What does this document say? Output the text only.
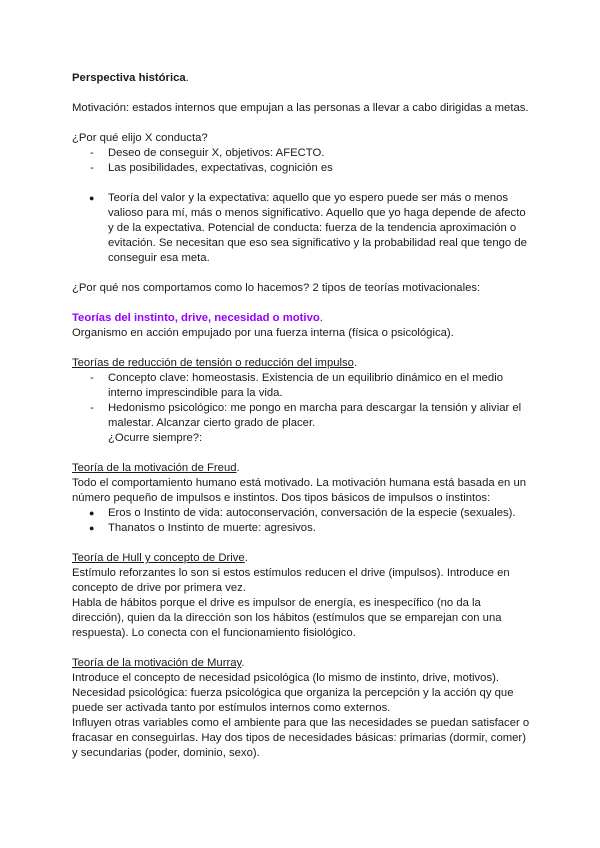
Perspectiva histórica.

Motivación: estados internos que empujan a las personas a llevar a cabo dirigidas a metas.

¿Por qué elijo X conducta?

- Deseo de conseguir X, objetivos: AFECTO.
- Las posibilidades, expectativas, cognición es
● Teoría del valor y la expectativa: aquello que yo espero puede ser más o menos valioso para mí, más o menos significativo. Aquello que yo haga depende de afecto y de la expectativa. Potencial de conducta: fuerza de la tendencia aproximación o evitación. Se necesitan que eso sea significativo y la probabilidad real que tengo de conseguir esa meta.

¿Por qué nos comportamos como lo hacemos? 2 tipos de teorías motivacionales:

Teorías del instinto, drive, necesidad o motivo.

Organismo en acción empujado por una fuerza interna (física o psicológica).

Teorías de reducción de tensión o reducción del impulso.

- Concepto clave: homeostasis. Existencia de un equilibrio dinámico en el medio interno imprescindible para la vida.
- Hedonismo psicológico: me pongo en marcha para descargar la tensión y aliviar el malestar. Alcanzar cierto grado de placer.

¿Ocurre siempre?:

Teoría de la motivación de Freud.

Todo el comportamiento humano está motivado. La motivación humana está basada en un número pequeño de impulsos e instintos. Dos tipos básicos de impulsos o instintos:

● Eros o Instinto de vida: autoconservación, conversación de la especie (sexuales).
● Thanatos o Instinto de muerte: agresivos.

Teoría de Hull y concepto de Drive.

Estímulo reforzantes lo son si estos estímulos reducen el drive (impulsos). Introduce en concepto de drive por primera vez.

Habla de hábitos porque el drive es impulsor de energía, es inespecífico (no da la dirección), quien da la dirección son los hábitos (estímulos que se emparejan con una respuesta). Lo conecta con el funcionamiento fisiológico.

Teoría de la motivación de Murray.

Introduce el concepto de necesidad psicológica (lo mismo de instinto, drive, motivos).

Necesidad psicológica: fuerza psicológica que organiza la percepción y la acción qy que puede ser activada tanto por estímulos internos como externos.

Influyen otras variables como el ambiente para que las necesidades se puedan satisfacer o fracasar en conseguirlas. Hay dos tipos de necesidades básicas: primarias (dormir, comer) y secundarias (poder, dominio, sexo).
